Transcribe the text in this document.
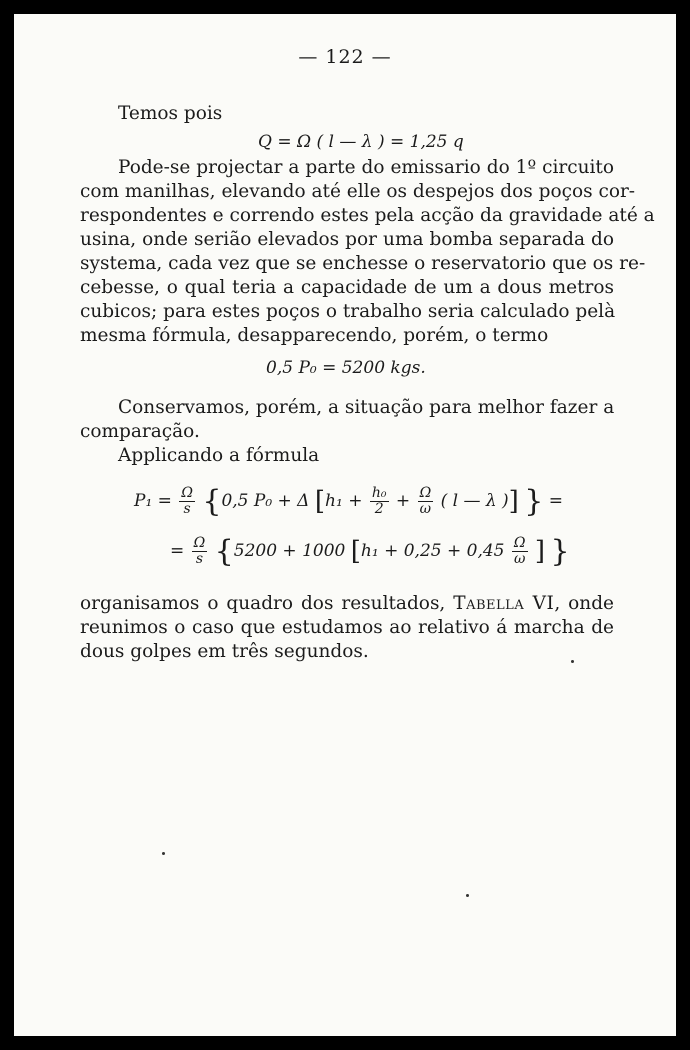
— 122 —
Temos pois
Q = Ω ( l — λ ) = 1,25 q
Pode-se projectar a parte do emissario do 1º circuito
com manilhas, elevando até elle os despejos dos poços cor-
respondentes e correndo estes pela acção da gravidade até a
usina, onde serião elevados por uma bomba separada do
systema, cada vez que se enchesse o reservatorio que os re-
cebesse, o qual teria a capacidade de um a dous metros
cubicos; para estes poços o trabalho seria calculado pelà
mesma fórmula, desapparecendo, porém, o termo
0,5 P₀ = 5200 kgs.
Conservamos, porém, a situação para melhor fazer a
comparação.
Applicando a fórmula
$P_1 = \frac{\Omega}{s} \{0,5$ P₀ + Δ [$h_1 + \frac{\text{h₀}}{2} + \frac{\Omega}{\omega}$ ( l — λ )] } =
= $\frac{\Omega}{s} \{5200 + 1000$ [$h_1 + 0,25 + 0,45 \frac{\Omega}{\omega}$ ] }
organisamos o quadro dos resultados, Tabella VI, onde
reunimos o caso que estudamos ao relativo á marcha de
dous golpes em três segundos.
